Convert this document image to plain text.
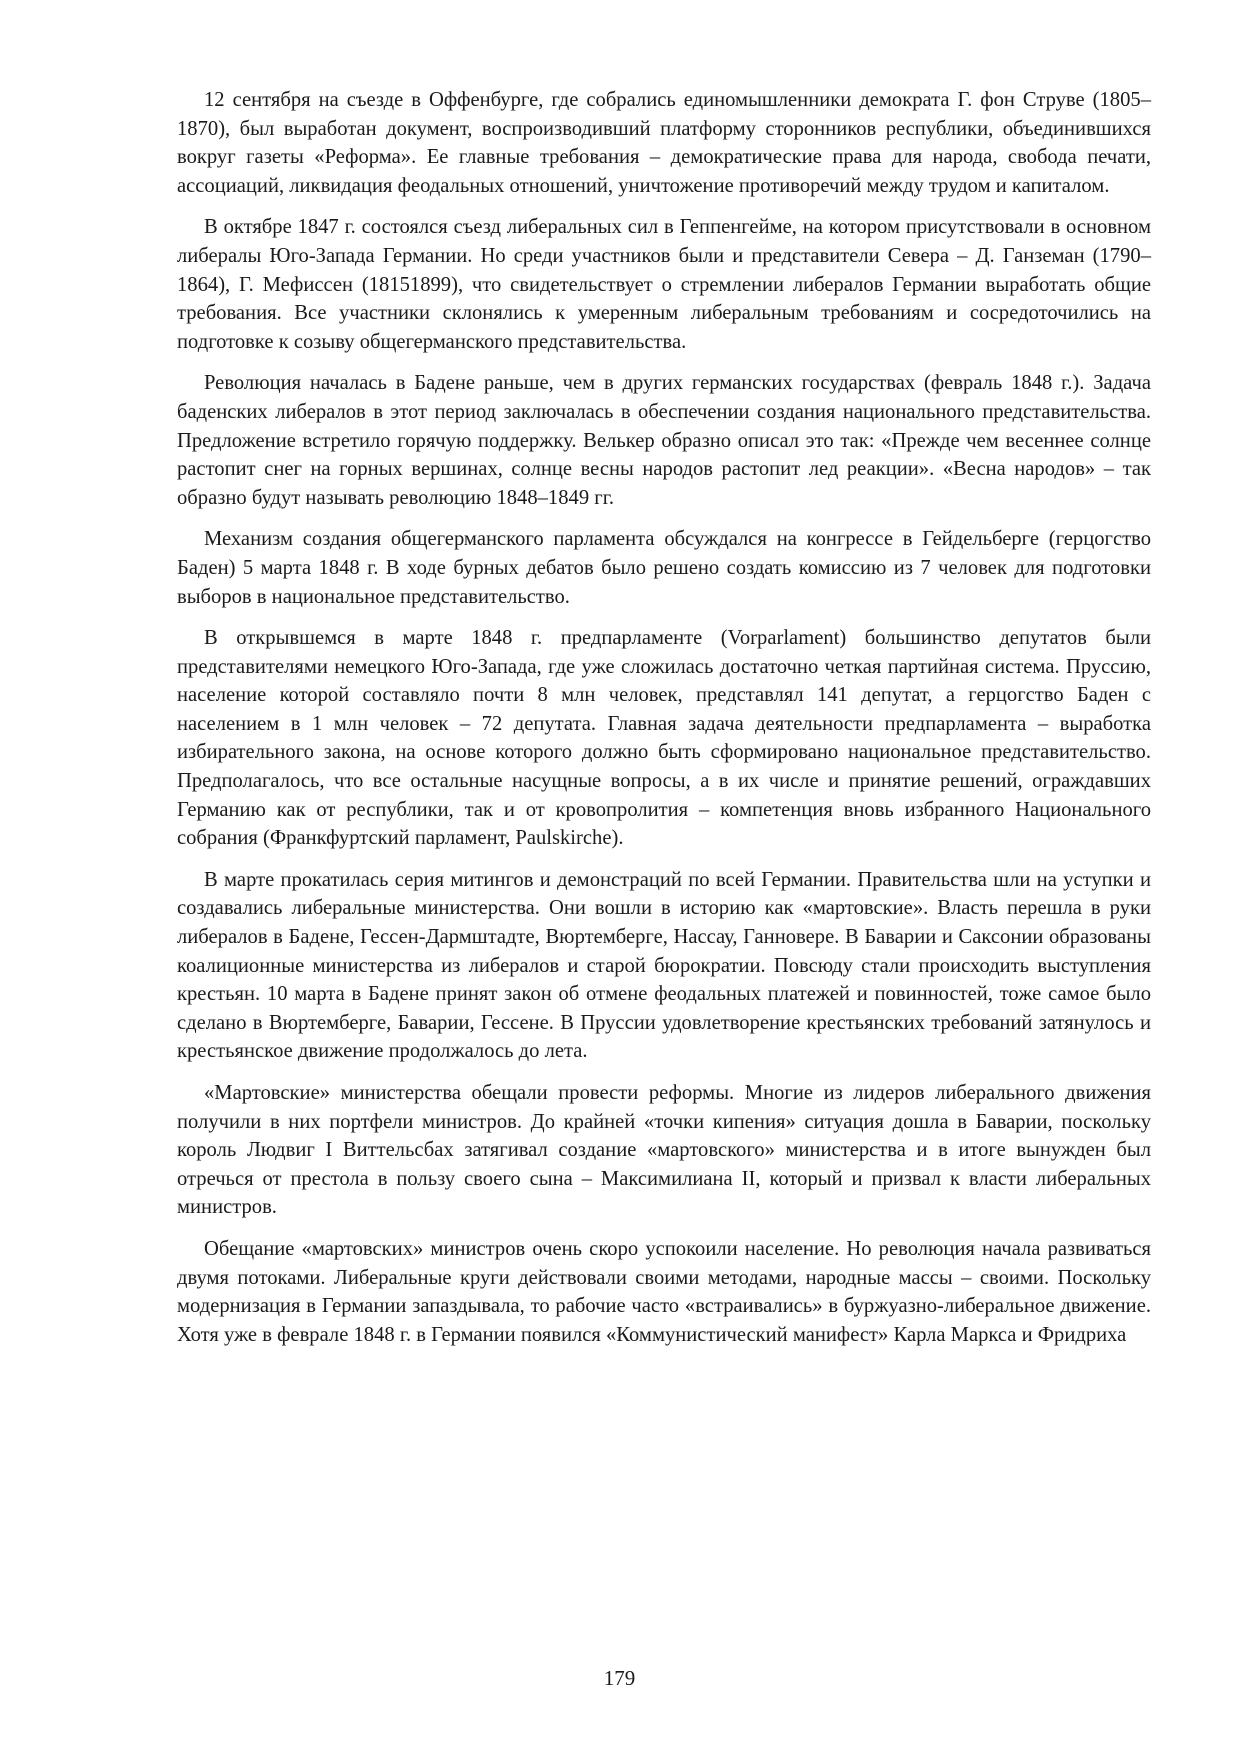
12 сентября на съезде в Оффенбурге, где собрались единомышленники демократа Г. фон Струве (1805–1870), был выработан документ, воспроизводивший платформу сторонников республики, объединившихся вокруг газеты «Реформа». Ее главные требования – демократические права для народа, свобода печати, ассоциаций, ликвидация феодальных отношений, уничтожение противоречий между трудом и капиталом.

В октябре 1847 г. состоялся съезд либеральных сил в Геппенгейме, на котором присутствовали в основном либералы Юго-Запада Германии. Но среди участников были и представители Севера – Д. Ганземан (1790–1864), Г. Мефиссен (18151899), что свидетельствует о стремлении либералов Германии выработать общие требования. Все участники склонялись к умеренным либеральным требованиям и сосредоточились на подготовке к созыву общегерманского представительства.

Революция началась в Бадене раньше, чем в других германских государствах (февраль 1848 г.). Задача баденских либералов в этот период заключалась в обеспечении создания национального представительства. Предложение встретило горячую поддержку. Велькер образно описал это так: «Прежде чем весеннее солнце растопит снег на горных вершинах, солнце весны народов растопит лед реакции». «Весна народов» – так образно будут называть революцию 1848–1849 гг.

Механизм создания общегерманского парламента обсуждался на конгрессе в Гейдельберге (герцогство Баден) 5 марта 1848 г. В ходе бурных дебатов было решено создать комиссию из 7 человек для подготовки выборов в национальное представительство.

В открывшемся в марте 1848 г. предпарламенте (Vorparlament) большинство депутатов были представителями немецкого Юго-Запада, где уже сложилась достаточно четкая партийная система. Пруссию, население которой составляло почти 8 млн человек, представлял 141 депутат, а герцогство Баден с населением в 1 млн человек – 72 депутата. Главная задача деятельности предпарламента – выработка избирательного закона, на основе которого должно быть сформировано национальное представительство. Предполагалось, что все остальные насущные вопросы, а в их числе и принятие решений, ограждавших Германию как от республики, так и от кровопролития – компетенция вновь избранного Национального собрания (Франкфуртский парламент, Paulskirche).

В марте прокатилась серия митингов и демонстраций по всей Германии. Правительства шли на уступки и создавались либеральные министерства. Они вошли в историю как «мартовские». Власть перешла в руки либералов в Бадене, Гессен-Дармштадте, Вюртемберге, Нассау, Ганновере. В Баварии и Саксонии образованы коалиционные министерства из либералов и старой бюрократии. Повсюду стали происходить выступления крестьян. 10 марта в Бадене принят закон об отмене феодальных платежей и повинностей, тоже самое было сделано в Вюртемберге, Баварии, Гессене. В Пруссии удовлетворение крестьянских требований затянулось и крестьянское движение продолжалось до лета.

«Мартовские» министерства обещали провести реформы. Многие из лидеров либерального движения получили в них портфели министров. До крайней «точки кипения» ситуация дошла в Баварии, поскольку король Людвиг I Виттельсбах затягивал создание «мартовского» министерства и в итоге вынужден был отречься от престола в пользу своего сына – Максимилиана II, который и призвал к власти либеральных министров.

Обещание «мартовских» министров очень скоро успокоили население. Но революция начала развиваться двумя потоками. Либеральные круги действовали своими методами, народные массы – своими. Поскольку модернизация в Германии запаздывала, то рабочие часто «встраивались» в буржуазно-либеральное движение. Хотя уже в феврале 1848 г. в Германии появился «Коммунистический манифест» Карла Маркса и Фридриха

179
